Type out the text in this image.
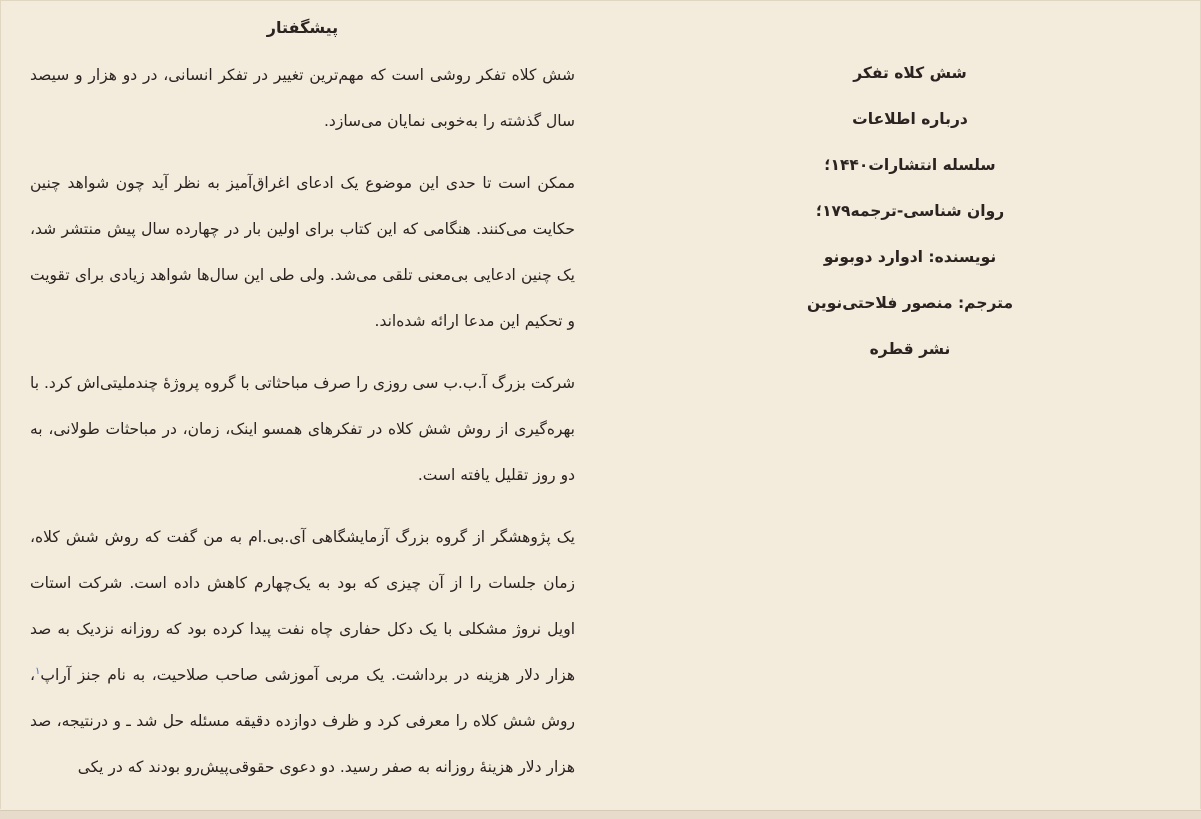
پیشگفتار

شش کلاه تفکر روشی است که مهم‌ترین تغییر در تفکر انسانی، در دو هزار و سیصد سال گذشته را به‌خوبی نمایان می‌سازد.

ممکن است تا حدی این موضوع یک ادعای اغراق‌آمیز به نظر آید چون شواهد چنین حکایت می‌کنند. هنگامی که این کتاب برای اولین بار در چهارده سال پیش منتشر شد، یک چنین ادعایی بی‌معنی تلقی می‌شد. ولی طی این سال‌ها شواهد زیادی برای تقویت و تحکیم این مدعا ارائه شده‌اند.

شرکت بزرگ آ.ب.ب سی روزی را صرف مباحثاتی با گروه پروژهٔ چندملیتی‌اش کرد. با بهره‌گیری از روش شش کلاه در تفکرهای همسو اینک، زمان، در مباحثات طولانی، به دو روز تقلیل یافته است.

یک پژوهشگر از گروه بزرگ آزمایشگاهی آی.بی.ام به من گفت که روش شش کلاه، زمان جلسات را از آن چیزی که بود به یک‌چهارم کاهش داده است. شرکت استات اویل نروژ مشکلی با یک دکل حفاری چاه نفت پیدا کرده بود که روزانه نزدیک به صد هزار دلار هزینه در برداشت. یک مربی آموزشی صاحب صلاحیت، به نام جنز آراپ$^۱$، روش شش کلاه را معرفی کرد و ظرف دوازده دقیقه مسئله حل شد ـ و درنتیجه، صد هزار دلار هزینهٔ روزانه به صفر رسید. دو دعوی حقوقی‌پیش‌رو بودند که در یکی

شش کلاه تفکر

درباره اطلاعات

سلسله انتشارات۱۴۴۰؛

روان شناسی-ترجمه۱۷۹؛

نویسنده: ادوارد دوبونو

مترجم: منصور فلاحتی‌نوین

نشر قطره
